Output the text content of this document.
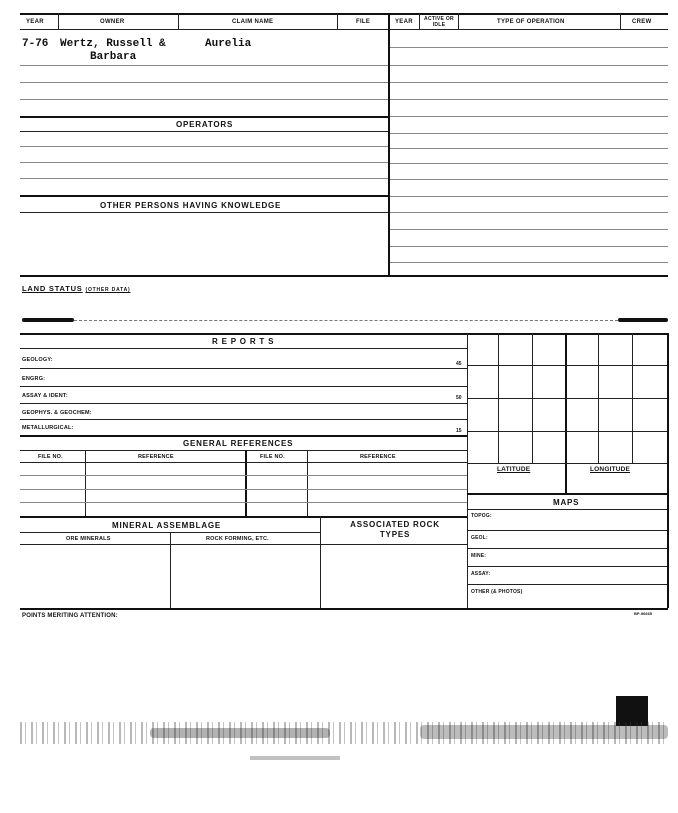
YEAR	OWNER	CLAIM NAME	FILE	YEAR ACTIVE OR IDLE	TYPE OF OPERATION	CREW
7-76 Wertz, Russell &
Barbara
Aurelia
OPERATORS
OTHER PERSONS HAVING KNOWLEDGE
LAND STATUS (OTHER DATA)
R E P O R T S
GEOLOGY:
45
ENGRG:
ASSAY & IDENT:	50
GEOPHYS. & GEOCHEM:
METALLURGICAL:	15
GENERAL REFERENCES
FILE NO.	REFERENCE	FILE NO.	REFERENCE
MINERAL ASSEMBLAGE	ASSOCIATED ROCK TYPES
ORE MINERALS	ROCK FORMING, ETC.
LATITUDE	LONGITUDE
MAPS
TOPOG:
GEOL:
MINE:
ASSAY:
OTHER (& PHOTOS)
POINTS MERITING ATTENTION:	BP-96665
